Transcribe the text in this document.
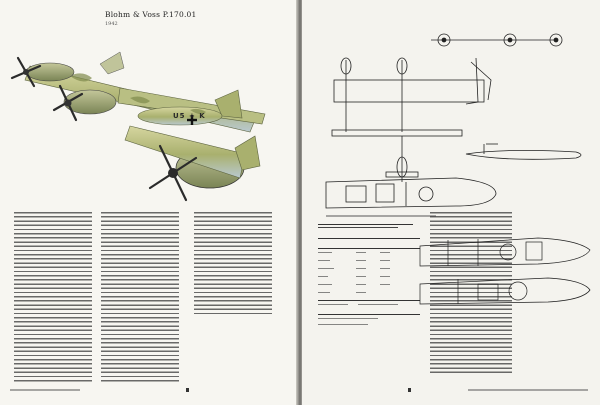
Blohm & Voss P.170.01
1942
U5 + K
